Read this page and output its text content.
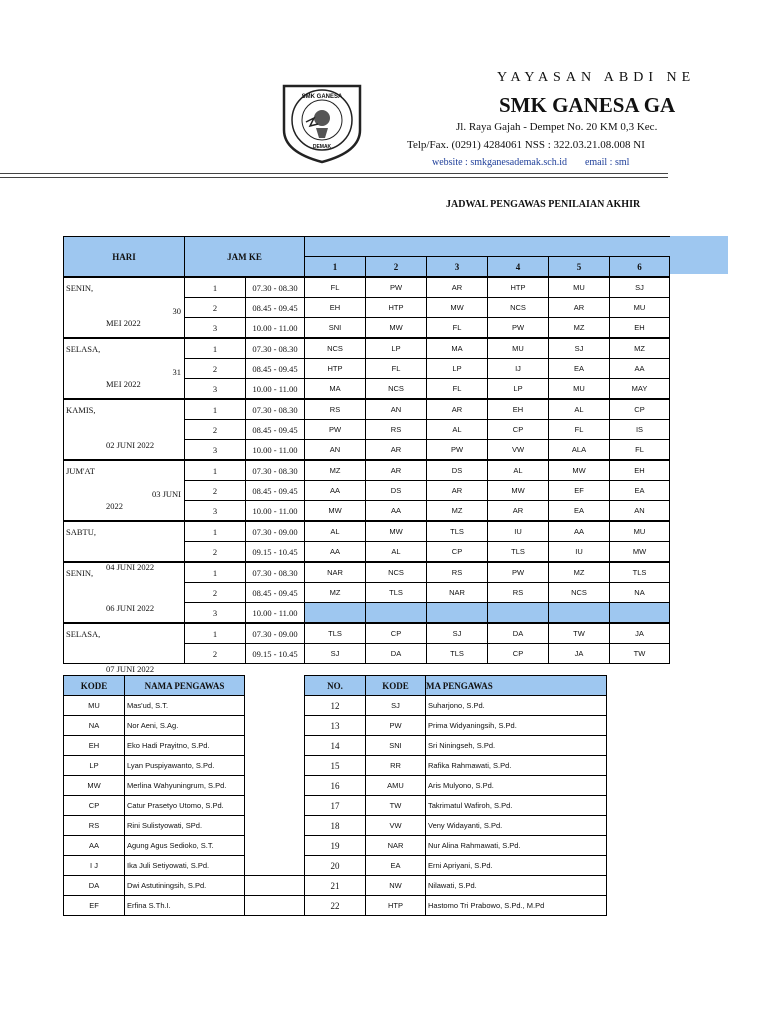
SMK GANESA
DEMAK
YAYASAN ABDI NE
SMK GANESA GA
Jl. Raya Gajah - Dempet No. 20 KM 0,3 Kec.
Telp/Fax. (0291) 4284061 NSS : 322.03.21.08.008 NI
website : smkganesademak.sch.id email : sml
JADWAL PENGAWAS PENILAIAN AKHIR
HARI	JAM KE							
			1	2	3	4	5	6

SENIN,
30
MEI 2022	1	07.30 - 08.30	FL	PW	AR	HTP	MU	SJ
	2	08.45 - 09.45	EH	HTP	MW	NCS	AR	MU
	3	10.00 - 11.00	SNI	MW	FL	PW	MZ	EH

SELASA,
31
MEI 2022	1	07.30 - 08.30	NCS	LP	MA	MU	SJ	MZ
	2	08.45 - 09.45	HTP	FL	LP	IJ	EA	AA
	3	10.00 - 11.00	MA	NCS	FL	LP	MU	MAY

KAMIS,
02 JUNI 2022	1	07.30 - 08.30	RS	AN	AR	EH	AL	CP
	2	08.45 - 09.45	PW	RS	AL	CP	FL	IS
	3	10.00 - 11.00	AN	AR	PW	VW	ALA	FL

JUM'AT
03 JUNI
2022	1	07.30 - 08.30	MZ	AR	DS	AL	MW	EH
	2	08.45 - 09.45	AA	DS	AR	MW	EF	EA
	3	10.00 - 11.00	MW	AA	MZ	AR	EA	AN

SABTU,
04 JUNI 2022	1	07.30 - 09.00	AL	MW	TLS	IU	AA	MU
	2	09.15 - 10.45	AA	AL	CP	TLS	IU	MW

SENIN,
06 JUNI 2022	1	07.30 - 08.30	NAR	NCS	RS	PW	MZ	TLS
	2	08.45 - 09.45	MZ	TLS	NAR	RS	NCS	NA
	3	10.00 - 11.00						

SELASA,
07 JUNI 2022	1	07.30 - 09.00	TLS	CP	SJ	DA	TW	JA
	2	09.15 - 10.45	SJ	DA	TLS	CP	JA	TW
KODE	NAMA PENGAWAS	
MU	Mas'ud, S.T.	
NA	Nor Aeni, S.Ag.	
EH	Eko Hadi Prayitno, S.Pd.	
LP	Lyan Puspiyawanto, S.Pd.	
MW	Merlina Wahyuningrum, S.Pd.	
CP	Catur Prasetyo Utomo, S.Pd.	
RS	Rini Sulistyowati, SPd.	
AA	Agung Agus Sedioko, S.T.	
I J	Ika Juli Setiyowati, S.Pd.	
DA	Dwi Astutiningsih, S.Pd.	
EF	Erfina S.Th.I.	
NO.	KODE	MA PENGAWAS
12	SJ	Suharjono, S.Pd.
13	PW	Prima Widyaningsih, S.Pd.
14	SNI	Sri Niningseh, S.Pd.
15	RR	Rafika Rahmawati, S.Pd.
16	AMU	Aris Mulyono, S.Pd.
17	TW	Takrimatul Wafiroh, S.Pd.
18	VW	Veny Widayanti, S.Pd.
19	NAR	Nur Alina Rahmawati, S.Pd.
20	EA	Erni Apriyani, S.Pd.
21	NW	Nilawati, S.Pd.
22	HTP	Hastomo Tri Prabowo, S.Pd., M.Pd
